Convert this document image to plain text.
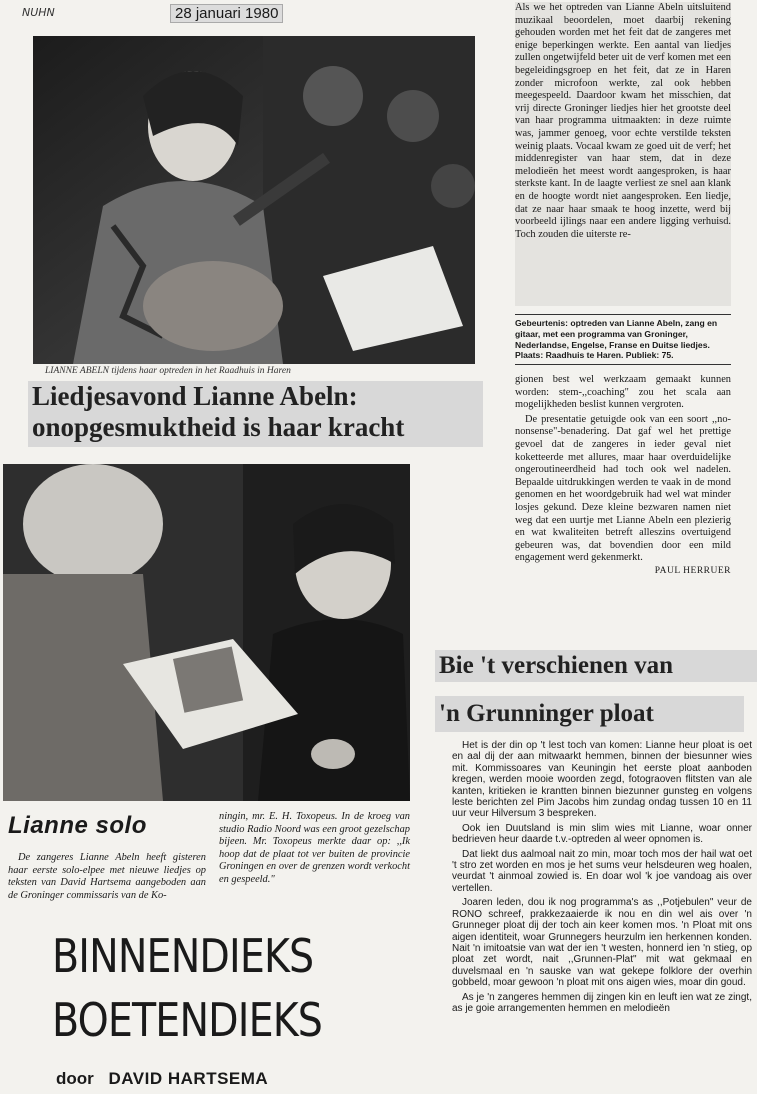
NUHN	28 januari 1980
LIANNE ABELN tijdens haar optreden in het Raadhuis in Haren
Liedjesavond Lianne Abeln:
onopgesmuktheid is haar kracht
Als we het optreden van Lianne Abeln uitsluitend muzikaal beoordelen, moet daarbij rekening gehouden worden met het feit dat de zangeres met enige beperkingen werkte. Een aantal van liedjes zullen ongetwijfeld beter uit de verf komen met een begeleidingsgroep en het feit, dat ze in Haren zonder microfoon werkte, zal ook hebben meegespeeld. Daardoor kwam het misschien, dat vrij directe Groninger liedjes hier het grootste deel van haar programma uitmaakten: in deze ruimte was, jammer genoeg, voor echte verstilde teksten weinig plaats. Vocaal kwam ze goed uit de verf; het middenregister van haar stem, dat in deze melodieën het meest wordt aangesproken, is haar sterkste kant. In de laagte verliest ze snel aan klank en de hoogte wordt niet aangesproken. Een liedje, dat ze naar haar smaak te hoog inzette, werd bij voorbeeld ijlings naar een andere ligging verhuisd. Toch zouden die uiterste re-
Gebeurtenis: optreden van Lianne Abeln, zang en gitaar, met een programma van Groninger, Nederlandse, Engelse, Franse en Duitse liedjes. Plaats: Raadhuis te Haren. Publiek: 75.

gionen best wel werkzaam gemaakt kunnen worden: stem-,,coaching" zou het scala aan mogelijkheden beslist kunnen vergroten.

De presentatie getuigde ook van een soort ,,no-nonsense"-benadering. Dat gaf wel het prettige gevoel dat de zangeres in ieder geval niet koketteerde met allures, maar haar overduidelijke ongeroutineerdheid had toch ook wel nadelen. Bepaalde uitdrukkingen werden te vaak in de mond genomen en het woordgebruik had wel wat minder losjes gekund. Deze kleine bezwaren namen niet weg dat een uurtje met Lianne Abeln een plezierig en wat kwaliteiten betreft alleszins overtuigend gebeuren was, dat bovendien door een mild engagement werd gekenmerkt.

PAUL HERRUER
Lianne solo
De zangeres Lianne Abeln heeft gisteren haar eerste solo-elpee met nieuwe liedjes op teksten van David Hartsema aangeboden aan de Groninger commissaris van de Ko-
ningin, mr. E. H. Toxopeus. In de kroeg van studio Radio Noord was een groot gezelschap bijeen. Mr. Toxopeus merkte daar op: ,,Ik hoop dat de plaat tot ver buiten de provincie Groningen en over de grenzen wordt verkocht en gespeeld."
BINNENDIEKS
BOETENDIEKS
door DAVID HARTSEMA
Bie 't verschienen van
'n Grunninger ploat

Het is der din op 't lest toch van komen: Lianne heur ploat is oet en aal dij der aan mitwaarkt hemmen, binnen der biesunner wies mit. Kommissoares van Keuningin het eerste ploat aanboden kregen, werden mooie woorden zegd, fotograoven flitsten van ale kanten, kritieken ie krantten binnen biezunner gunsteg en volgens leste berichten zel Pim Jacobs him zundag ondag tussen 10 en 11 uur veur Hilversum 3 bespreken.

Ook ien Duutsland is min slim wies mit Lianne, woar onner bedrieven heur daarde t.v.-optreden al weer opnomen is.

Dat liekt dus aalmoal nait zo min, moar toch mos der hail wat oet 't stro zet worden en mos je het sums veur helsdeuren weg hoalen, veurdat 't ainmoal zowied is. En doar wol 'k joe vandoag ais over vertellen.

Joaren leden, dou ik nog programma's as ,,Potjebulen" veur de RONO schreef, prakkezaaierde ik nou en din wel ais over 'n Grunneger ploat dij der toch ain keer komen mos. 'n Ploat mit ons aigen identiteit, woar Grunnegers heurzulm ien herkennen konden. Nait 'n imitoatsie van wat der ien 't westen, honnerd ien 'n stieg, op ploat zet wordt, nait ,,Grunnen-Plat" mit wat gekmaal en duvelsmaal en 'n sauske van wat gekepe folklore der overhin gobbeld, moar gewoon 'n ploat mit ons aigen wies, moar din goud.

As je 'n zangeres hemmen dij zingen kin en leuft ien wat ze zingt, as je goie arrangementen hemmen en melodieën
